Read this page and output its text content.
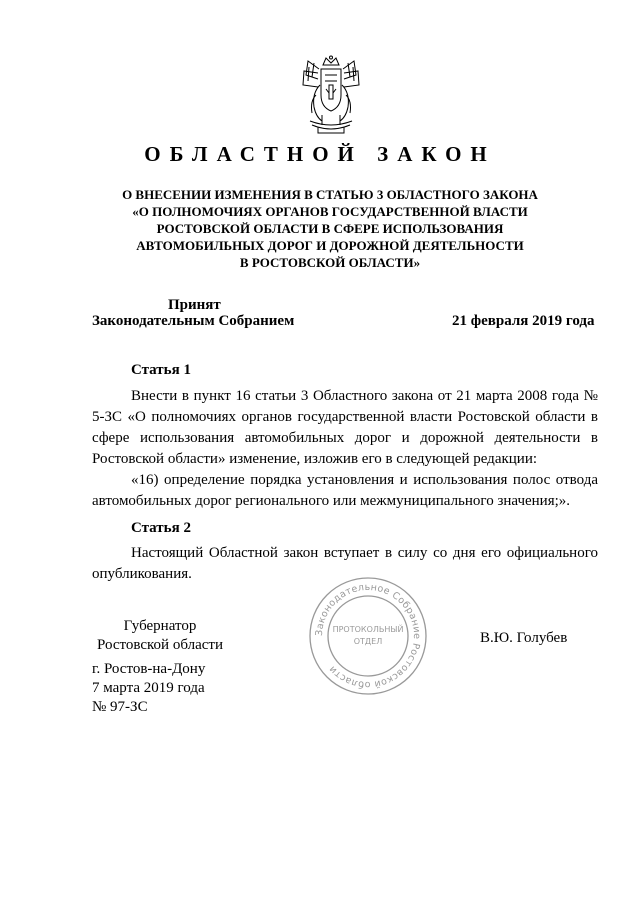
ОБЛАСТНОЙ ЗАКОН
О ВНЕСЕНИИ ИЗМЕНЕНИЯ В СТАТЬЮ 3 ОБЛАСТНОГО ЗАКОНА
«О ПОЛНОМОЧИЯХ ОРГАНОВ ГОСУДАРСТВЕННОЙ ВЛАСТИ
РОСТОВСКОЙ ОБЛАСТИ В СФЕРЕ ИСПОЛЬЗОВАНИЯ
АВТОМОБИЛЬНЫХ ДОРОГ И ДОРОЖНОЙ ДЕЯТЕЛЬНОСТИ
В РОСТОВСКОЙ ОБЛАСТИ»
Принят
Законодательным Собранием	21 февраля 2019 года
Статья 1
Внести в пункт 16 статьи 3 Областного закона от 21 марта 2008 года № 5-ЗС «О полномочиях органов государственной власти Ростовской области в сфере использования автомобильных дорог и дорожной деятельности в Ростовской области» изменение, изложив его в следующей редакции:
«16) определение порядка установления и использования полос отвода автомобильных дорог регионального или межмуниципального значения;».
Статья 2
Настоящий Областной закон вступает в силу со дня его официального опубликования.
Губернатор
Ростовской области	В.Ю. Голубев
г. Ростов-на-Дону
7 марта 2019 года
№ 97-ЗС
Законодательное Собрание Ростовской области
ПРОТОКОЛЬНЫЙ
ОТДЕЛ
